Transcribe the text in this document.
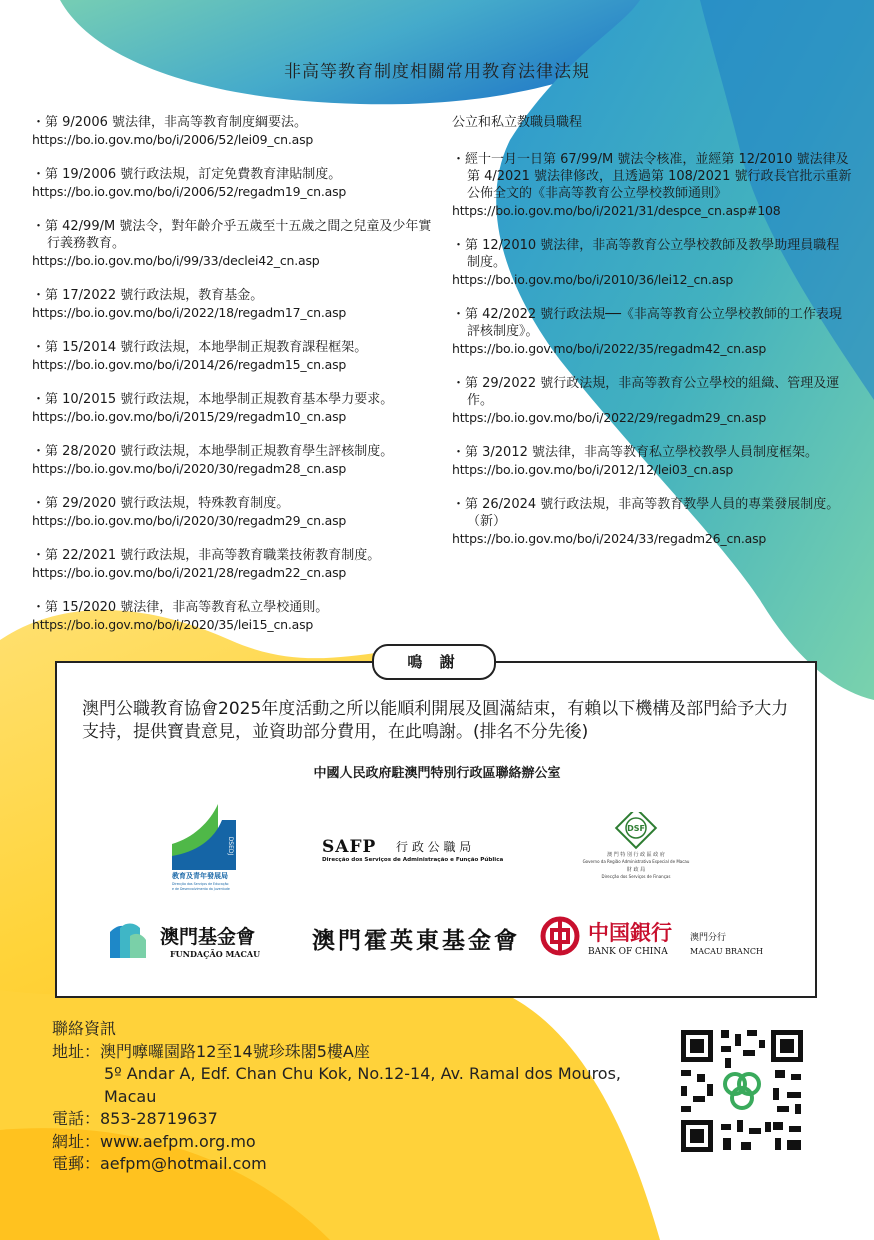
非高等教育制度相關常用教育法律法規
・第 9/2006 號法律，非高等教育制度綱要法。
https://bo.io.gov.mo/bo/i/2006/52/lei09_cn.asp
・第 19/2006 號行政法規，訂定免費教育津貼制度。
https://bo.io.gov.mo/bo/i/2006/52/regadm19_cn.asp
・第 42/99/M 號法令，對年齡介乎五歲至十五歲之間之兒童及少年實行義務教育。
https://bo.io.gov.mo/bo/i/99/33/declei42_cn.asp
・第 17/2022 號行政法規，教育基金。
https://bo.io.gov.mo/bo/i/2022/18/regadm17_cn.asp
・第 15/2014 號行政法規，本地學制正規教育課程框架。
https://bo.io.gov.mo/bo/i/2014/26/regadm15_cn.asp
・第 10/2015 號行政法規，本地學制正規教育基本學力要求。
https://bo.io.gov.mo/bo/i/2015/29/regadm10_cn.asp
・第 28/2020 號行政法規，本地學制正規教育學生評核制度。
https://bo.io.gov.mo/bo/i/2020/30/regadm28_cn.asp
・第 29/2020 號行政法規，特殊教育制度。
https://bo.io.gov.mo/bo/i/2020/30/regadm29_cn.asp
・第 22/2021 號行政法規，非高等教育職業技術教育制度。
https://bo.io.gov.mo/bo/i/2021/28/regadm22_cn.asp
・第 15/2020 號法律，非高等教育私立學校通則。
https://bo.io.gov.mo/bo/i/2020/35/lei15_cn.asp
公立和私立教職員職程
・經十一月一日第 67/99/M 號法令核准，並經第 12/2010 號法律及第 4/2021 號法律修改，且透過第 108/2021 號行政長官批示重新公佈全文的《非高等教育公立學校教師通則》
https://bo.io.gov.mo/bo/i/2021/31/despce_cn.asp#108
・第 12/2010 號法律，非高等教育公立學校教師及教學助理員職程制度。
https://bo.io.gov.mo/bo/i/2010/36/lei12_cn.asp
・第 42/2022 號行政法規──《非高等教育公立學校教師的工作表現評核制度》。
https://bo.io.gov.mo/bo/i/2022/35/regadm42_cn.asp
・第 29/2022 號行政法規，非高等教育公立學校的組織、管理及運作。
https://bo.io.gov.mo/bo/i/2022/29/regadm29_cn.asp
・第 3/2012 號法律，非高等教育私立學校教學人員制度框架。
https://bo.io.gov.mo/bo/i/2012/12/lei03_cn.asp
・第 26/2024 號行政法規，非高等教育教學人員的專業發展制度。（新）
https://bo.io.gov.mo/bo/i/2024/33/regadm26_cn.asp
鳴 謝
澳門公職教育協會2025年度活動之所以能順利開展及圓滿結束，有賴以下機構及部門給予大力支持，提供寶貴意見，並資助部分費用，在此鳴謝。(排名不分先後)
中國人民政府駐澳門特別行政區聯絡辦公室
DSEDJ
教育及青年發展局
Direcção dos Serviços de Educação
e de Desenvolvimento da Juventude
SAFP 行 政 公 職 局
Direcção dos Serviços de Administração e Função Pública
DSF
澳 門 特 別 行 政 區 政 府
Governo da Região Administrativa Especial de Macau
財 政 局
Direcção dos Serviços de Finanças
澳門基金會
FUNDAÇÃO MACAU 澳門霍英東基金會	中国銀行
BANK OF CHINA
澳門分行
MACAU BRANCH
聯絡資訊
地址：澳門嚤囉園路12至14號珍珠閣5樓A座
5º Andar A, Edf. Chan Chu Kok, No.12-14, Av. Ramal dos Mouros,
Macau
電話：853-28719637
網址：www.aefpm.org.mo
電郵：aefpm@hotmail.com
